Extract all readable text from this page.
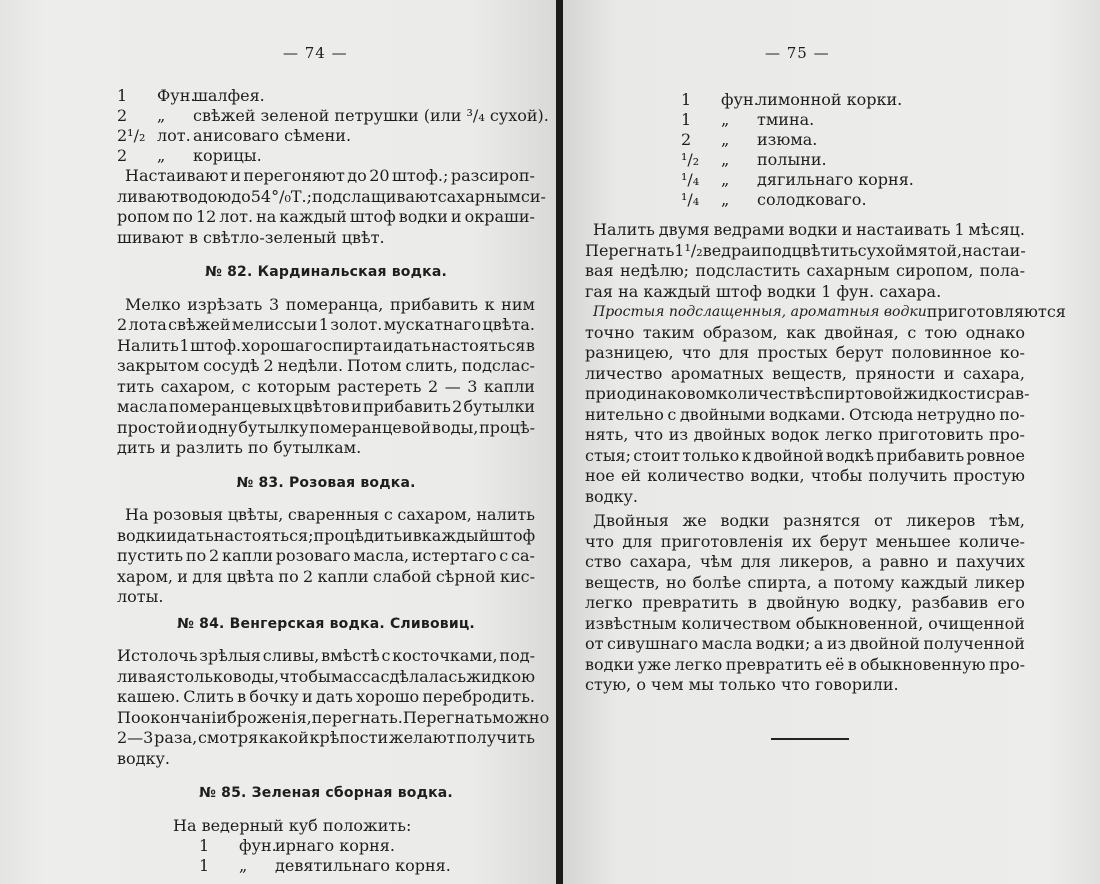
— 74 —
1 Фун.шалфея.
2 „ свѣжей зеленой петрушки (или ³/₄ сухой).
2¹/₂ лот. анисоваго сѣмени.
2 „ корицы.
Настаивают и перегоняют до 20 штоф.; разсироп-
ливают водою до 54°/₀ Т.; подслащивают сахарным си-
ропом по 12 лот. на каждый штоф водки и окраши-
шивают в свѣтло-зеленый цвѣт.
№ 82. Кардинальская водка.
Мелко изрѣзать 3 померанца, прибавить к ним
2 лота свѣжей мелиссы и 1 золот. мускатнаго цвѣта.
Налить 1 штоф. хорошаго спирта и дать настояться в
закрытом сосудѣ 2 недѣли. Потом слить, подслас-
тить сахаром, с которым растереть 2 — 3 капли
масла померанцевых цвѣтов и прибавить 2 бутылки
простой и одну бутылку померанцевой воды, процѣ-
дить и разлить по бутылкам.
№ 83. Розовая водка.
На розовыя цвѣты, сваренныя с сахаром, налить
водки и дать настояться; процѣдить и в каждый штоф
пустить по 2 капли розоваго масла, истертаго с са-
харом, и для цвѣта по 2 капли слабой сѣрной кис-
лоты.
№ 84. Венгерская водка. Сливовиц.
Истолочь зрѣлыя сливы, вмѣстѣ с косточками, под-
ливая столько воды, чтобы масса сдѣлалась жидкою
кашею. Слить в бочку и дать хорошо перебродить.
По окончаніи броженія, перегнать. Перегнать можно
2—3 раза, смотря какой крѣпости желают получить
водку.
№ 85. Зеленая сборная водка.
На ведерный куб положить:
1 фун.ирнаго корня.
1 „ девятильнаго корня.
— 75 —
1 фун.лимонной корки.
1 „ тмина.
2 „ изюма.
¹/₂ „ полыни.
¹/₄ „ дягильнаго корня.
¹/₄ „ солодковаго.
Налить двумя ведрами водки и настаивать 1 мѣсяц.
Перегнать 1¹/₂ ведра и подцвѣтить сухой мятой, настаи-
вая недѣлю; подсластить сахарным сиропом, пола-
гая на каждый штоф водки 1 фун. сахара.
Простыя подслащенныя, ароматныя водки приготовляются
точно таким образом, как двойная, с тою однако
разницею, что для простых берут половинное ко-
личество ароматных веществ, пряности и сахара,
при одинаковом количествѣ спиртовой жидкости срав-
нительно с двойными водками. Отсюда нетрудно по-
нять, что из двойных водок легко приготовить про-
стыя; стоит только к двойной водкѣ прибавить ровное
ное ей количество водки, чтобы получить простую
водку.
Двойныя же водки разнятся от ликеров тѣм,
что для приготовленія их берут меньшее количе-
ство сахара, чѣм для ликеров, а равно и пахучих
веществ, но болѣе спирта, а потому каждый ликер
легко превратить в двойную водку, разбавив его
извѣстным количеством обыкновенной, очищенной
от сивушнаго масла водки; а из двойной полученной
водки уже легко превратить её в обыкновенную про-
стую, о чем мы только что говорили.
